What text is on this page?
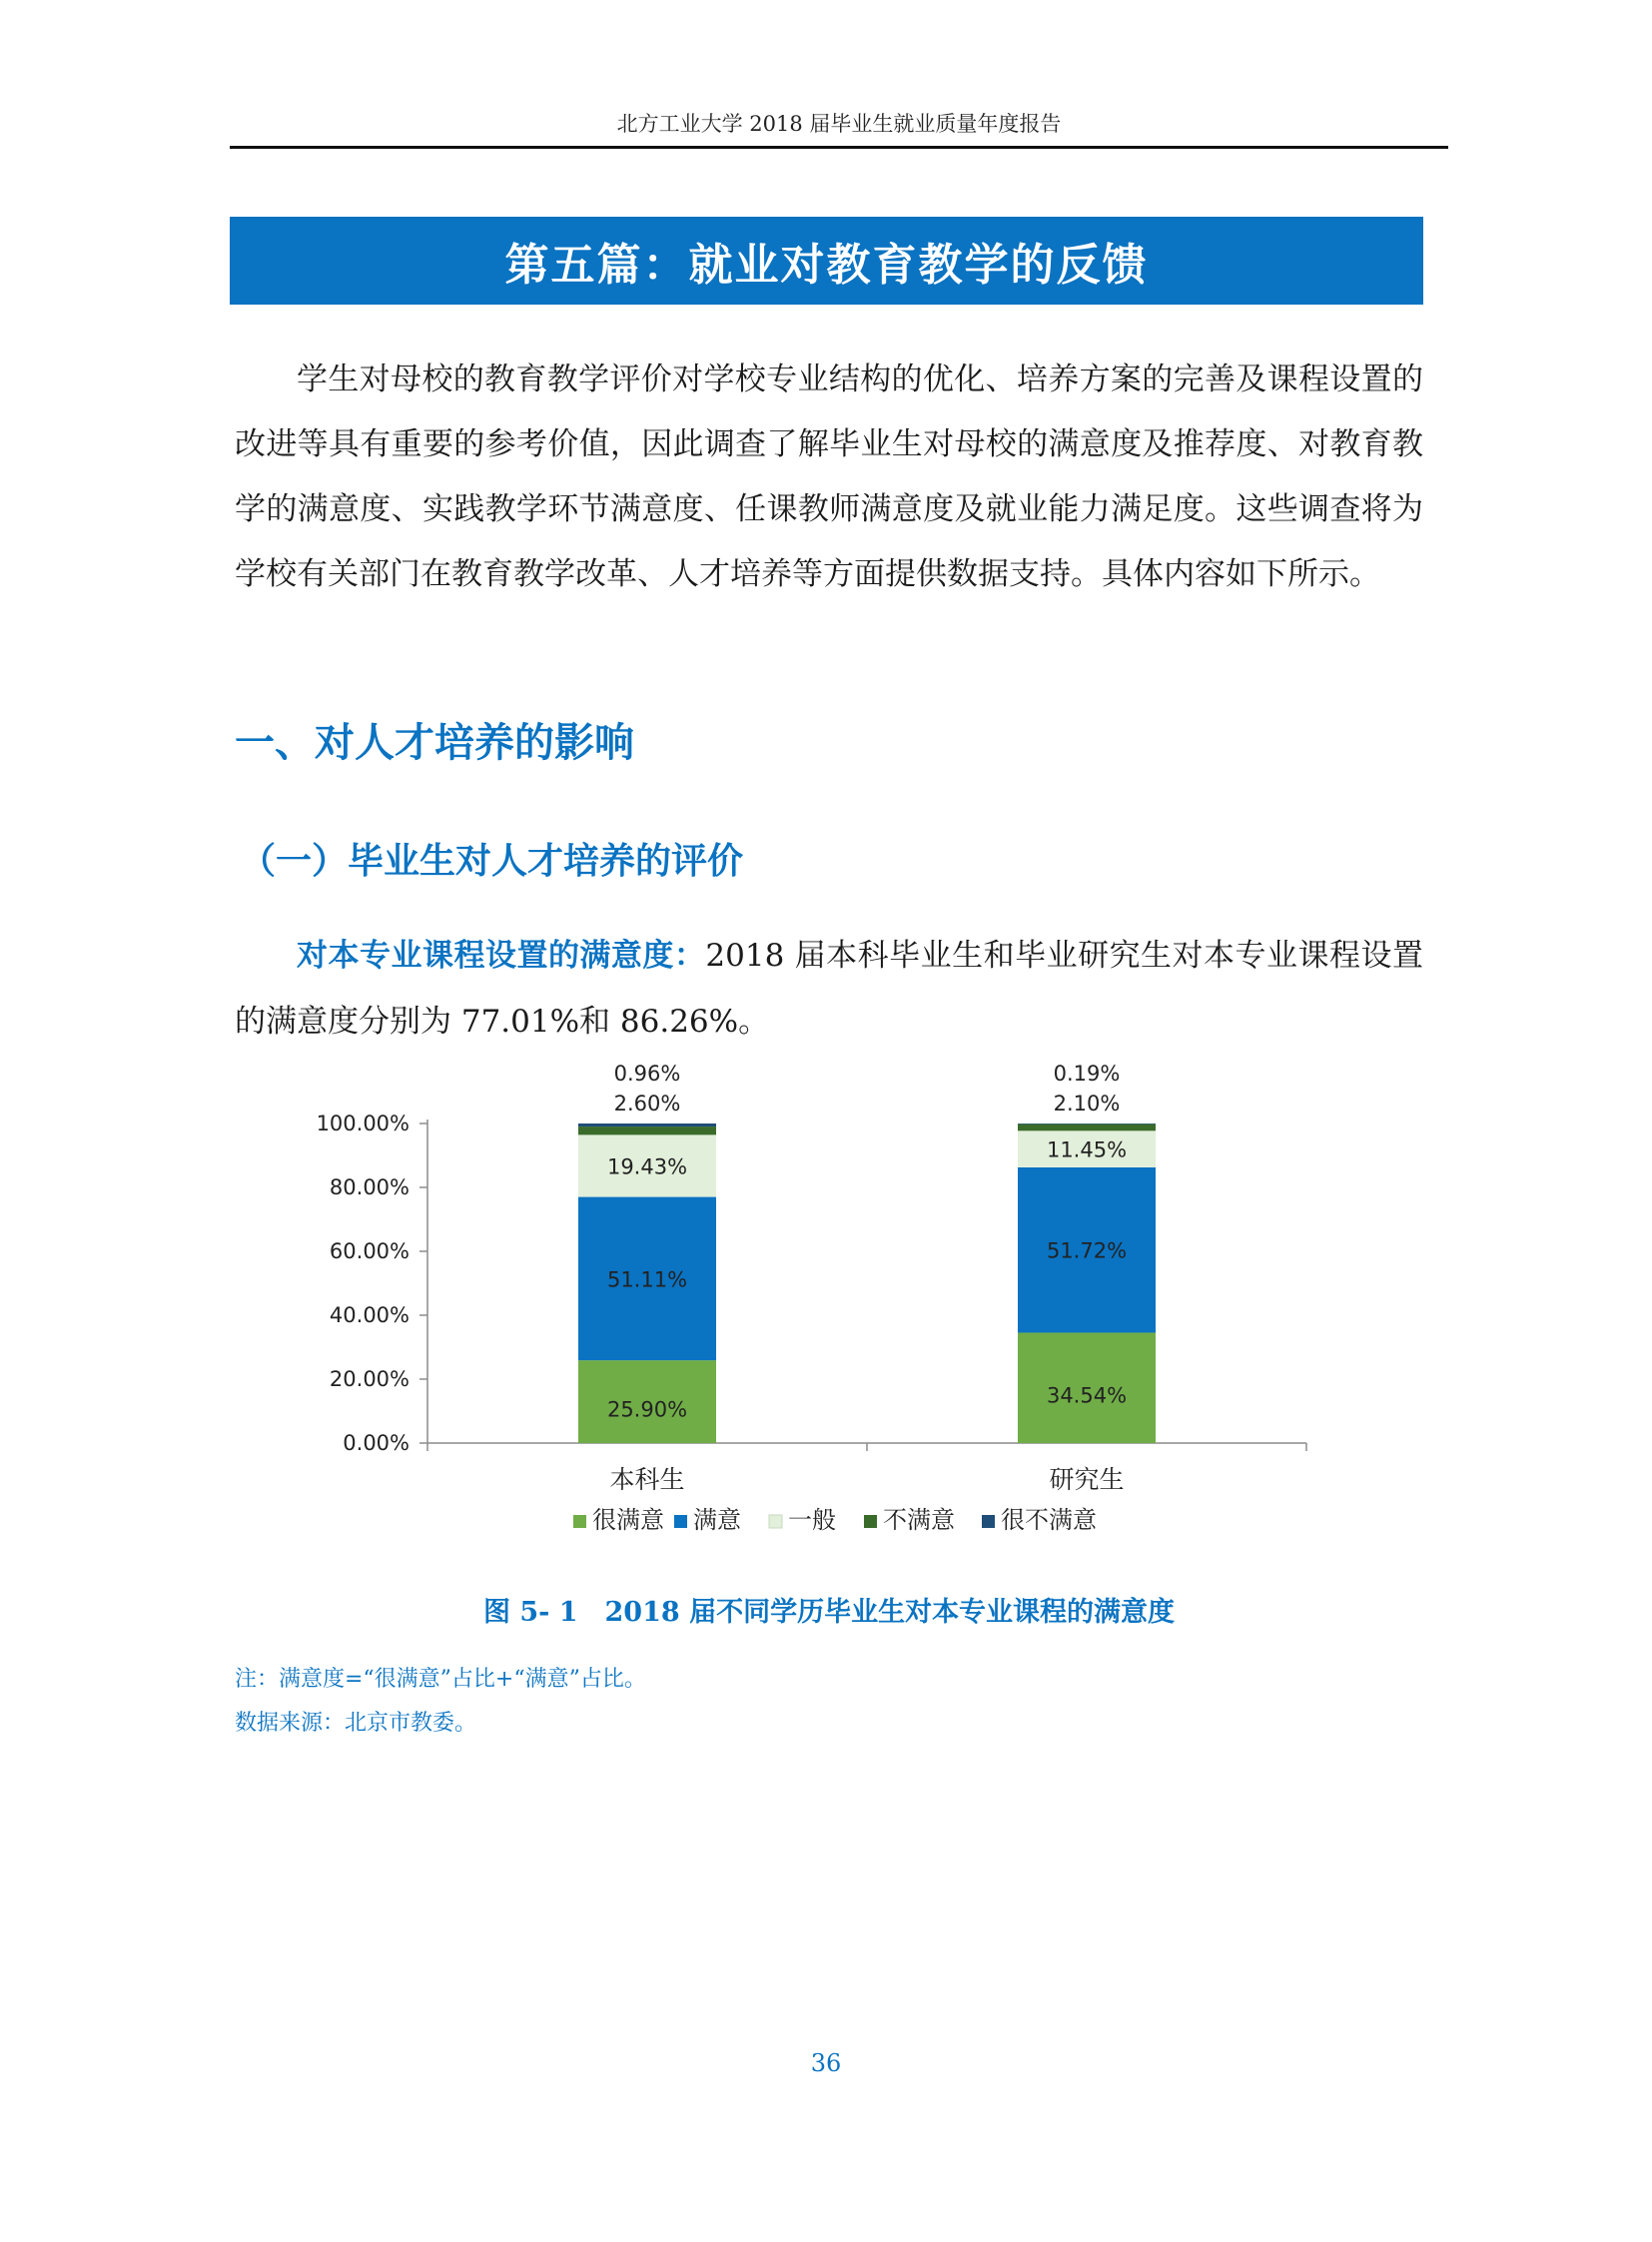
北方工业大学 2018 届毕业生就业质量年度报告
第五篇：就业对教育教学的反馈

学生对母校的教育教学评价对学校专业结构的优化、培养方案的完善及课程设置的改进等具有重要的参考价值，因此调查了解毕业生对母校的满意度及推荐度、对教育教学的满意度、实践教学环节满意度、任课教师满意度及就业能力满足度。这些调查将为学校有关部门在教育教学改革、人才培养等方面提供数据支持。具体内容如下所示。

一、对人才培养的影响
（一）毕业生对人才培养的评价

对本专业课程设置的满意度：2018 届本科毕业生和毕业研究生对本专业课程设置的满意度分别为 77.01%和 86.26%。

0.00%
20.00%
40.00%
60.00%
80.00%
100.00%
25.90%
51.11%
19.43%
2.60%
0.96%
本科生
34.54%
51.72%
11.45%
2.10%
0.19%
研究生
很满意 满意 一般 不满意 很不满意
图 5- 1　2018 届不同学历毕业生对本专业课程的满意度
注：满意度=“很满意”占比+“满意”占比。
数据来源：北京市教委。
36
